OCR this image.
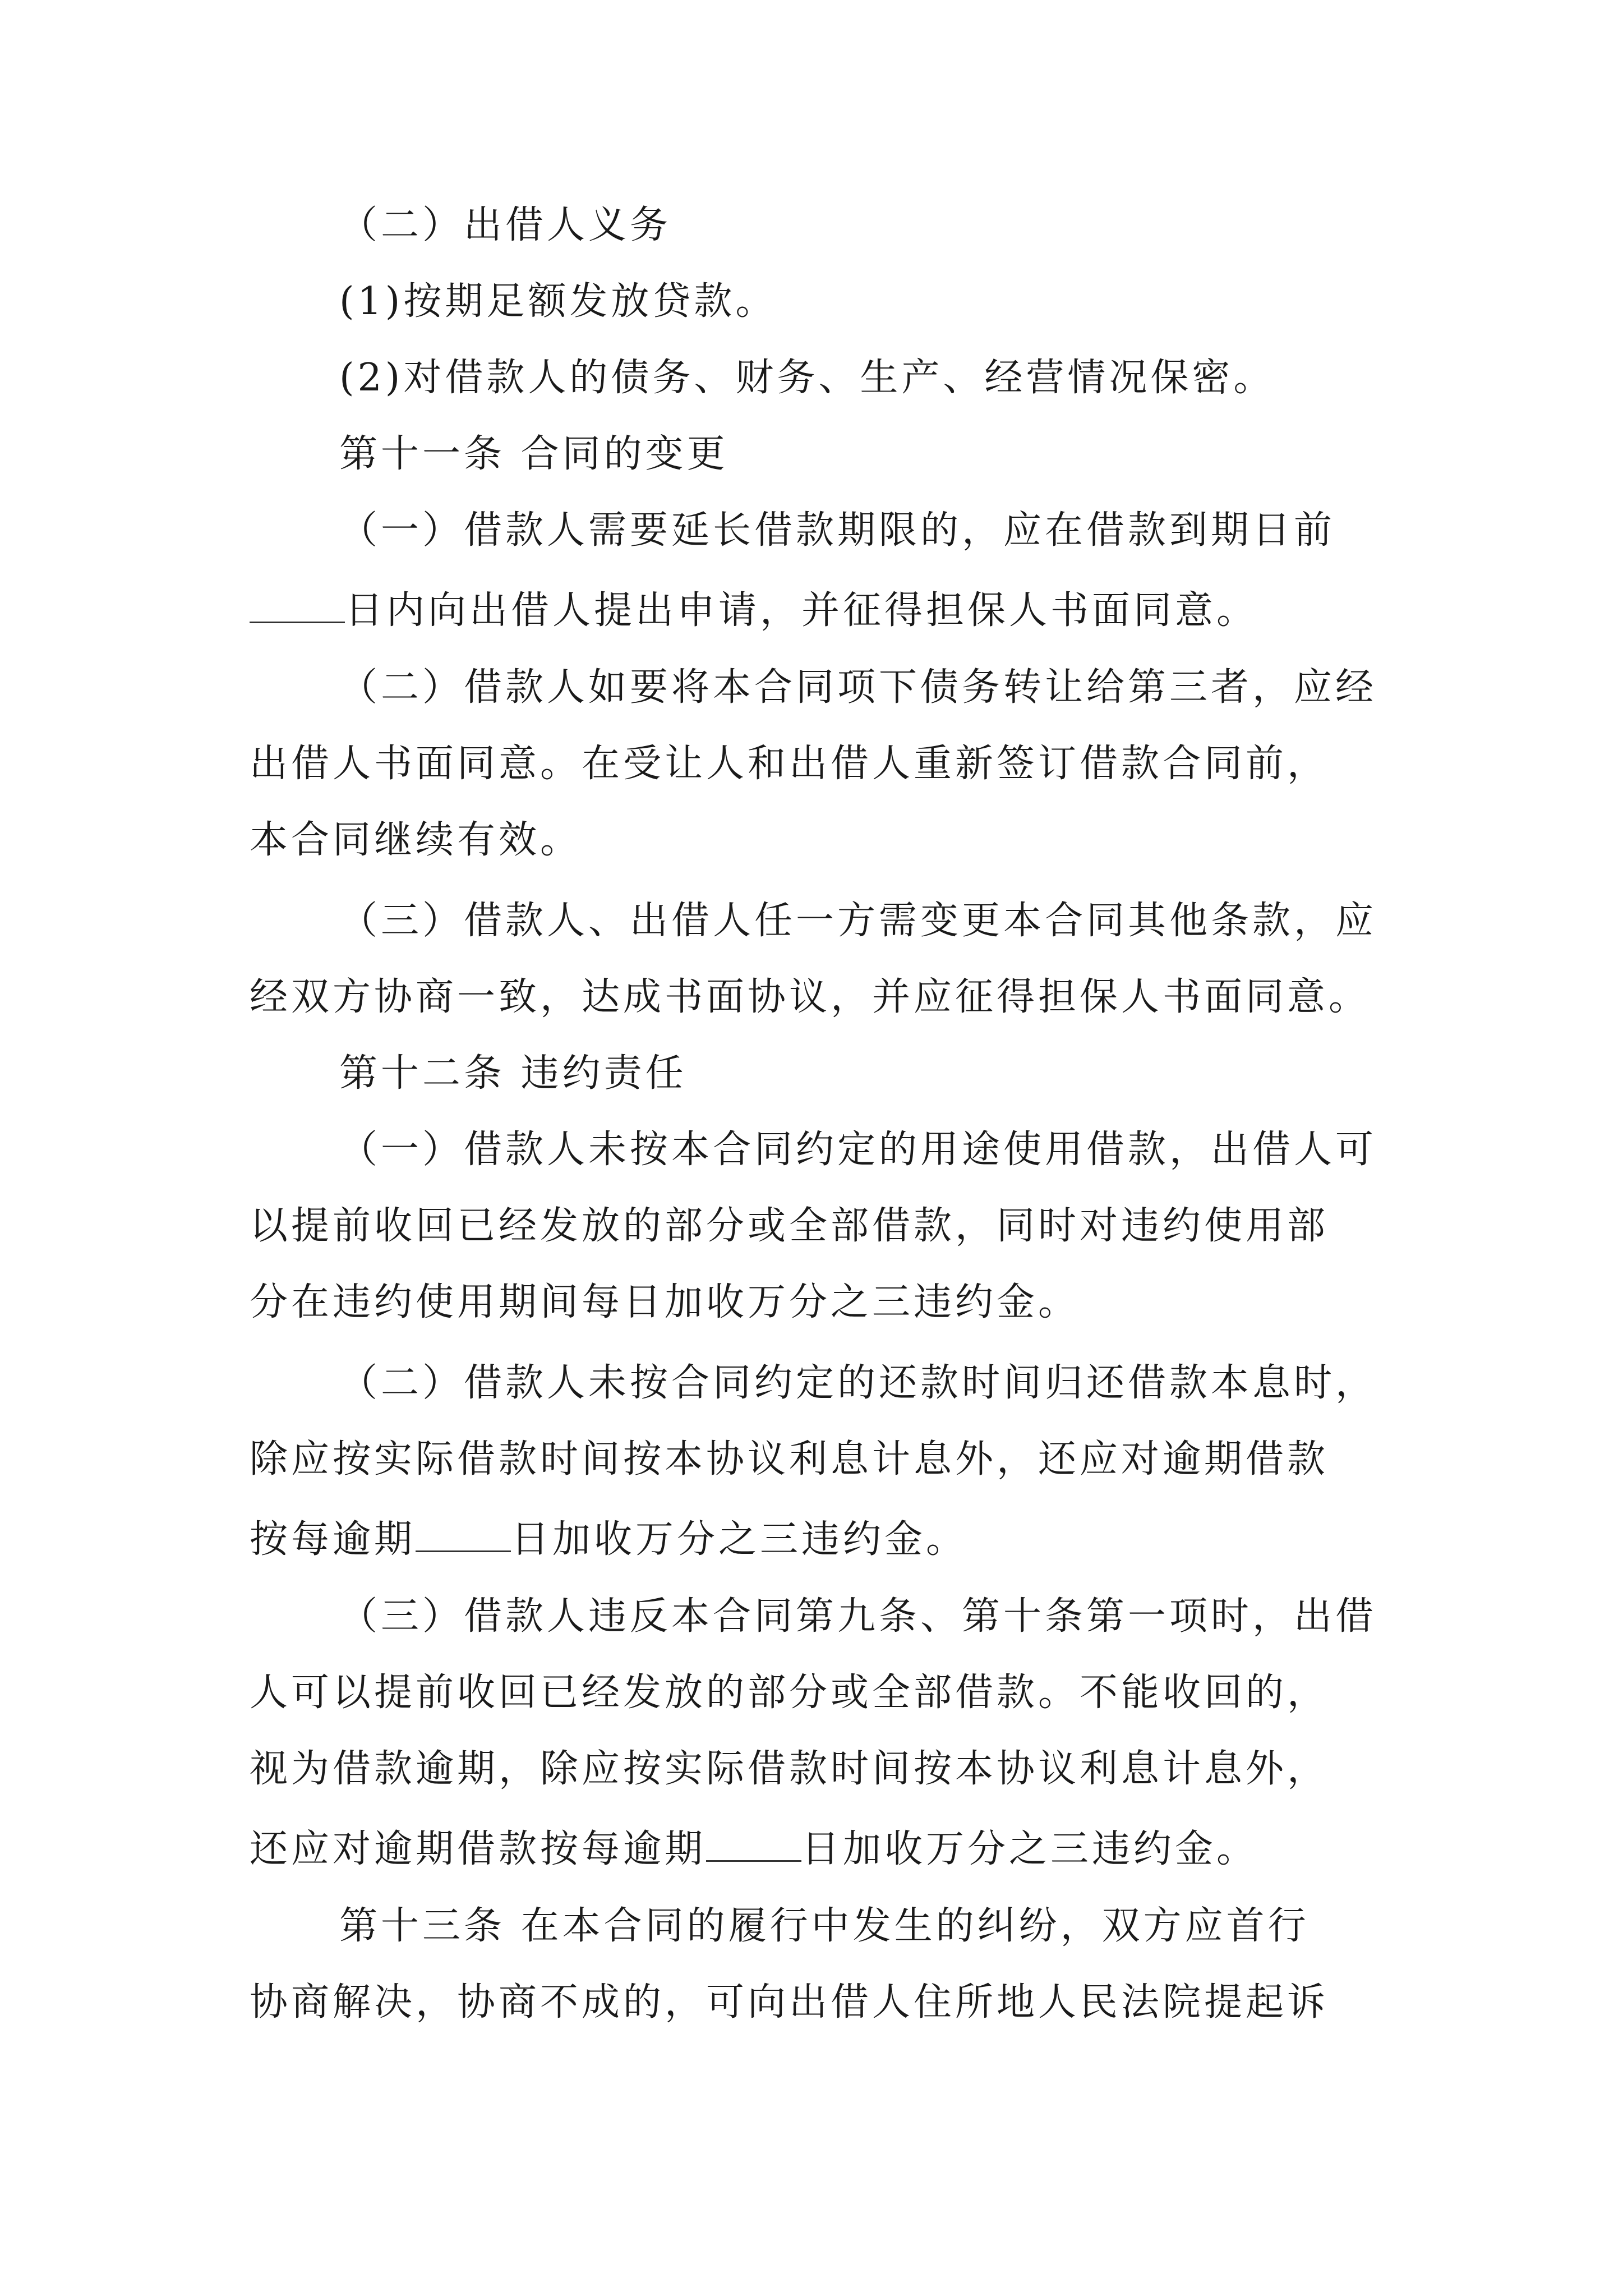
（二）出借人义务
(1)按期足额发放贷款。
(2)对借款人的债务、财务、生产、经营情况保密。
第十一条 合同的变更
（一）借款人需要延长借款期限的，应在借款到期日前
日内向出借人提出申请，并征得担保人书面同意。
（二）借款人如要将本合同项下债务转让给第三者，应经
出借人书面同意。在受让人和出借人重新签订借款合同前，
本合同继续有效。
（三）借款人、出借人任一方需变更本合同其他条款，应
经双方协商一致，达成书面协议，并应征得担保人书面同意。
第十二条 违约责任
（一）借款人未按本合同约定的用途使用借款，出借人可
以提前收回已经发放的部分或全部借款，同时对违约使用部
分在违约使用期间每日加收万分之三违约金。
（二）借款人未按合同约定的还款时间归还借款本息时，
除应按实际借款时间按本协议利息计息外，还应对逾期借款
按每逾期	日加收万分之三违约金。
（三）借款人违反本合同第九条、第十条第一项时，出借
人可以提前收回已经发放的部分或全部借款。不能收回的，
视为借款逾期，除应按实际借款时间按本协议利息计息外，
还应对逾期借款按每逾期	日加收万分之三违约金。
第十三条 在本合同的履行中发生的纠纷，双方应首行
协商解决，协商不成的，可向出借人住所地人民法院提起诉
